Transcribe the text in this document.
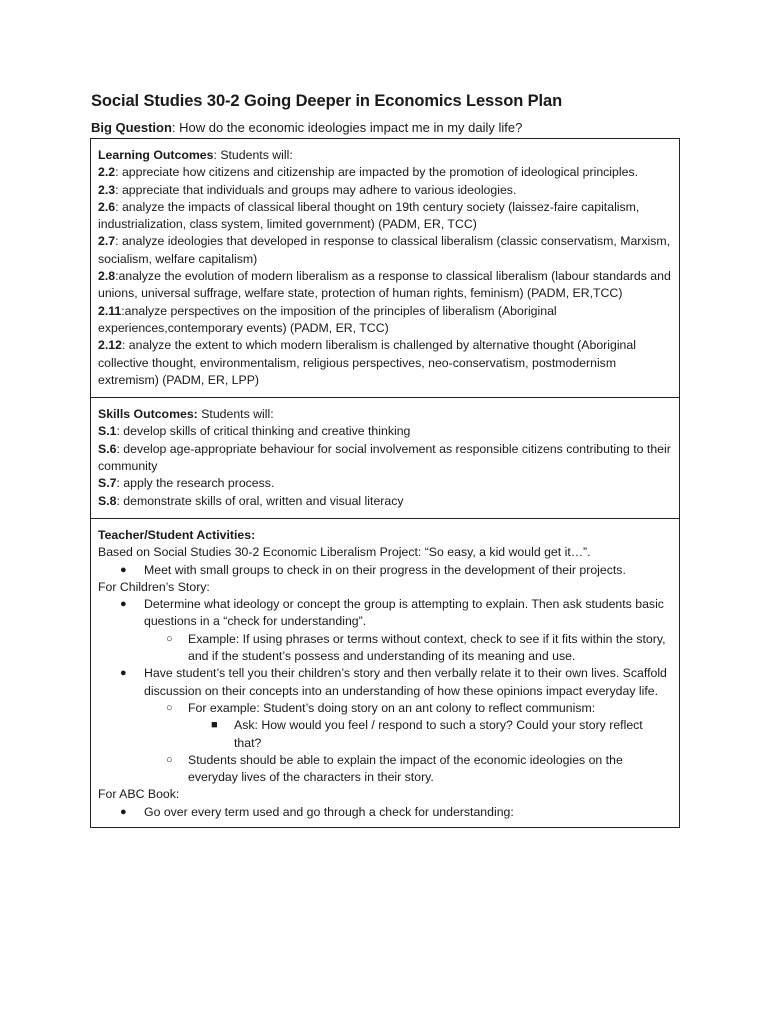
Social Studies 30-2 Going Deeper in Economics Lesson Plan
Big Question: How do the economic ideologies impact me in my daily life?
Learning Outcomes: Students will:
2.2: appreciate how citizens and citizenship are impacted by the promotion of ideological principles.
2.3: appreciate that individuals and groups may adhere to various ideologies.
2.6: analyze the impacts of classical liberal thought on 19th century society (laissez-faire capitalism, industrialization, class system, limited government) (PADM, ER, TCC)
2.7: analyze ideologies that developed in response to classical liberalism (classic conservatism, Marxism, socialism, welfare capitalism)
2.8:analyze the evolution of modern liberalism as a response to classical liberalism (labour standards and unions, universal suffrage, welfare state, protection of human rights, feminism) (PADM, ER,TCC)
2.11:analyze perspectives on the imposition of the principles of liberalism (Aboriginal experiences,contemporary events) (PADM, ER, TCC)
2.12: analyze the extent to which modern liberalism is challenged by alternative thought (Aboriginal collective thought, environmentalism, religious perspectives, neo-conservatism, postmodernism extremism) (PADM, ER, LPP)

Skills Outcomes: Students will:
S.1: develop skills of critical thinking and creative thinking
S.6: develop age-appropriate behaviour for social involvement as responsible citizens contributing to their community
S.7: apply the research process.
S.8: demonstrate skills of oral, written and visual literacy

Teacher/Student Activities:
Based on Social Studies 30-2 Economic Liberalism Project: “So easy, a kid would get it…”.
● Meet with small groups to check in on their progress in the development of their projects.
For Children’s Story:
● Determine what ideology or concept the group is attempting to explain. Then ask students basic questions in a “check for understanding”.
○ Example: If using phrases or terms without context, check to see if it fits within the story, and if the student’s possess and understanding of its meaning and use.
● Have student’s tell you their children’s story and then verbally relate it to their own lives. Scaffold discussion on their concepts into an understanding of how these opinions impact everyday life.
○ For example: Student’s doing story on an ant colony to reflect communism:
■ Ask: How would you feel / respond to such a story? Could your story reflect that?
○ Students should be able to explain the impact of the economic ideologies on the everyday lives of the characters in their story.
For ABC Book:
● Go over every term used and go through a check for understanding:
